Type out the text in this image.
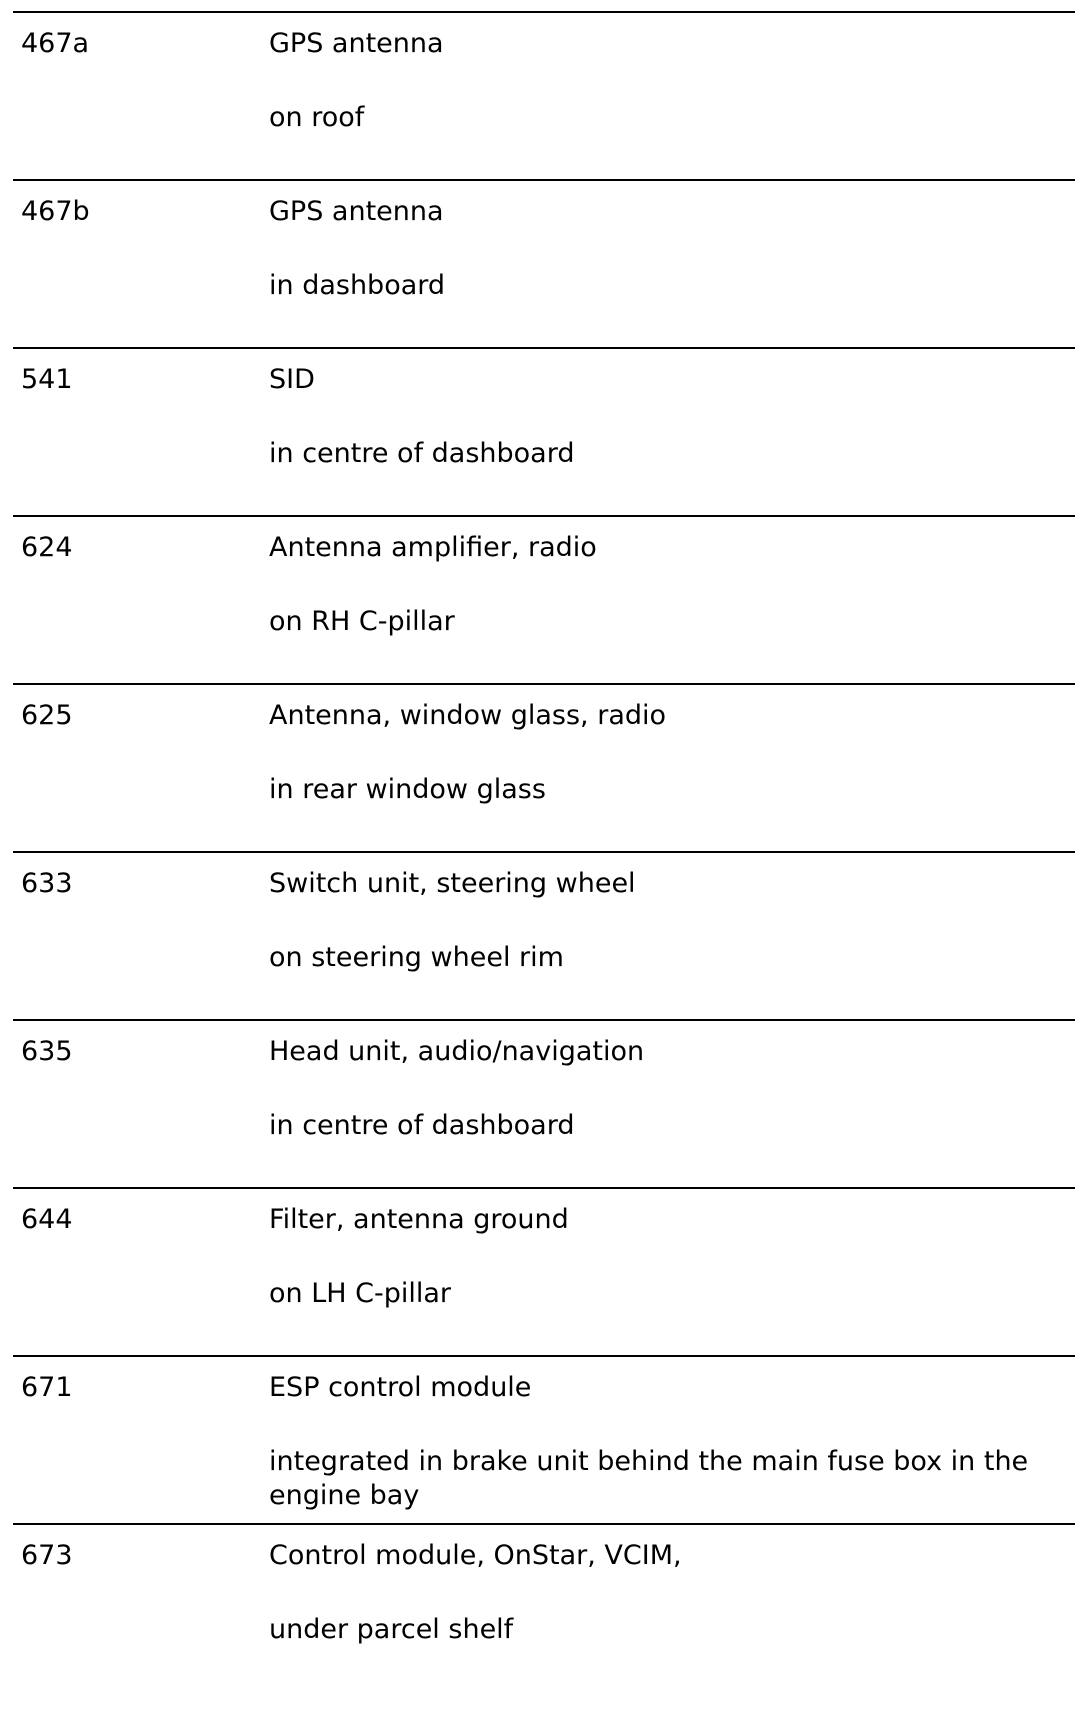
467a	GPS antenna
on roof
467b	GPS antenna
in dashboard
541	SID
in centre of dashboard
624	Antenna amplifier, radio
on RH C-pillar
625	Antenna, window glass, radio
in rear window glass
633	Switch unit, steering wheel
on steering wheel rim
635	Head unit, audio/navigation
in centre of dashboard
644	Filter, antenna ground
on LH C-pillar
671	ESP control module
integrated in brake unit behind the main fuse box in the engine bay
673	Control module, OnStar, VCIM,
under parcel shelf
